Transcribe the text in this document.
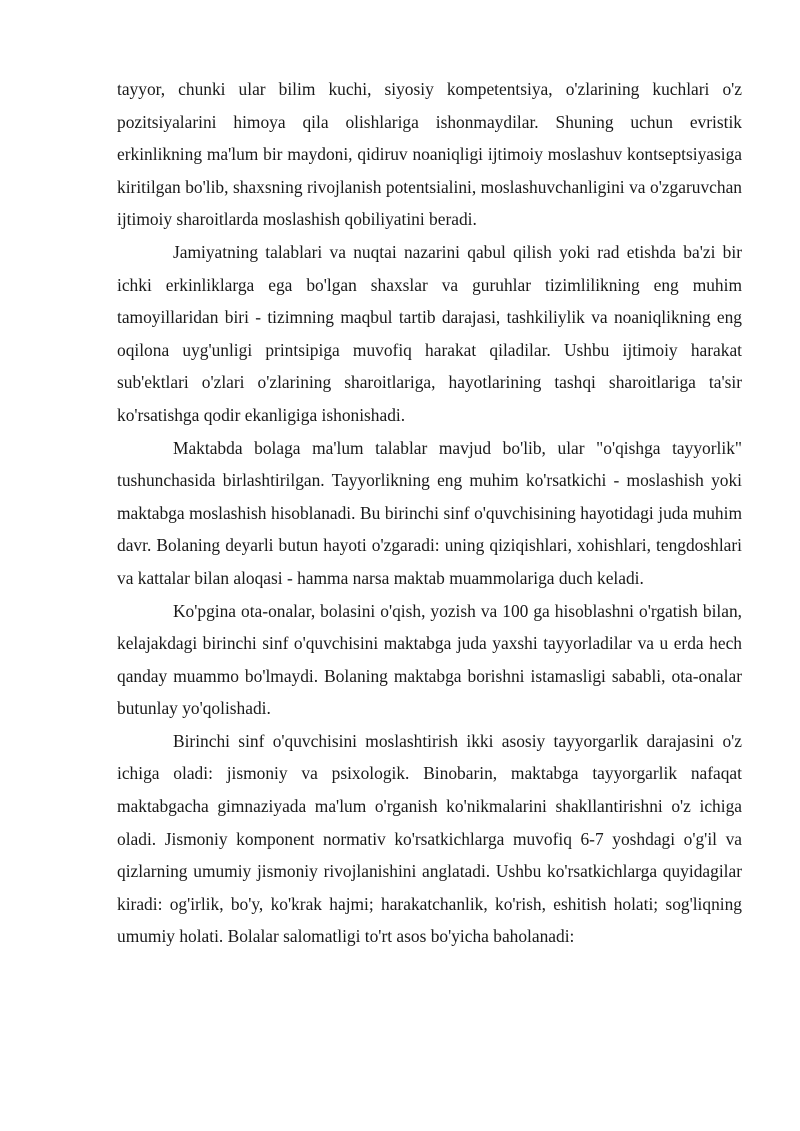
tayyor, chunki ular bilim kuchi, siyosiy kompetentsiya, o'zlarining kuchlari o'z pozitsiyalarini himoya qila olishlariga ishonmaydilar. Shuning uchun evristik erkinlikning ma'lum bir maydoni, qidiruv noaniqligi ijtimoiy moslashuv kontseptsiyasiga kiritilgan bo'lib, shaxsning rivojlanish potentsialini, moslashuvchanligini va o'zgaruvchan ijtimoiy sharoitlarda moslashish qobiliyatini beradi.

Jamiyatning talablari va nuqtai nazarini qabul qilish yoki rad etishda ba'zi bir ichki erkinliklarga ega bo'lgan shaxslar va guruhlar tizimlilikning eng muhim tamoyillaridan biri - tizimning maqbul tartib darajasi, tashkiliylik va noaniqlikning eng oqilona uyg'unligi printsipiga muvofiq harakat qiladilar. Ushbu ijtimoiy harakat sub'ektlari o'zlari o'zlarining sharoitlariga, hayotlarining tashqi sharoitlariga ta'sir ko'rsatishga qodir ekanligiga ishonishadi.

Maktabda bolaga ma'lum talablar mavjud bo'lib, ular "o'qishga tayyorlik" tushunchasida birlashtirilgan. Tayyorlikning eng muhim ko'rsatkichi - moslashish yoki maktabga moslashish hisoblanadi. Bu birinchi sinf o'quvchisining hayotidagi juda muhim davr. Bolaning deyarli butun hayoti o'zgaradi: uning qiziqishlari, xohishlari, tengdoshlari va kattalar bilan aloqasi - hamma narsa maktab muammolariga duch keladi.

Ko'pgina ota-onalar, bolasini o'qish, yozish va 100 ga hisoblashni o'rgatish bilan, kelajakdagi birinchi sinf o'quvchisini maktabga juda yaxshi tayyorladilar va u erda hech qanday muammo bo'lmaydi. Bolaning maktabga borishni istamasligi sababli, ota-onalar butunlay yo'qolishadi.

Birinchi sinf o'quvchisini moslashtirish ikki asosiy tayyorgarlik darajasini o'z ichiga oladi: jismoniy va psixologik. Binobarin, maktabga tayyorgarlik nafaqat maktabgacha gimnaziyada ma'lum o'rganish ko'nikmalarini shakllantirishni o'z ichiga oladi. Jismoniy komponent normativ ko'rsatkichlarga muvofiq 6-7 yoshdagi o'g'il va qizlarning umumiy jismoniy rivojlanishini anglatadi. Ushbu ko'rsatkichlarga quyidagilar kiradi: og'irlik, bo'y, ko'krak hajmi; harakatchanlik, ko'rish, eshitish holati; sog'liqning umumiy holati. Bolalar salomatligi to'rt asos bo'yicha baholanadi:
